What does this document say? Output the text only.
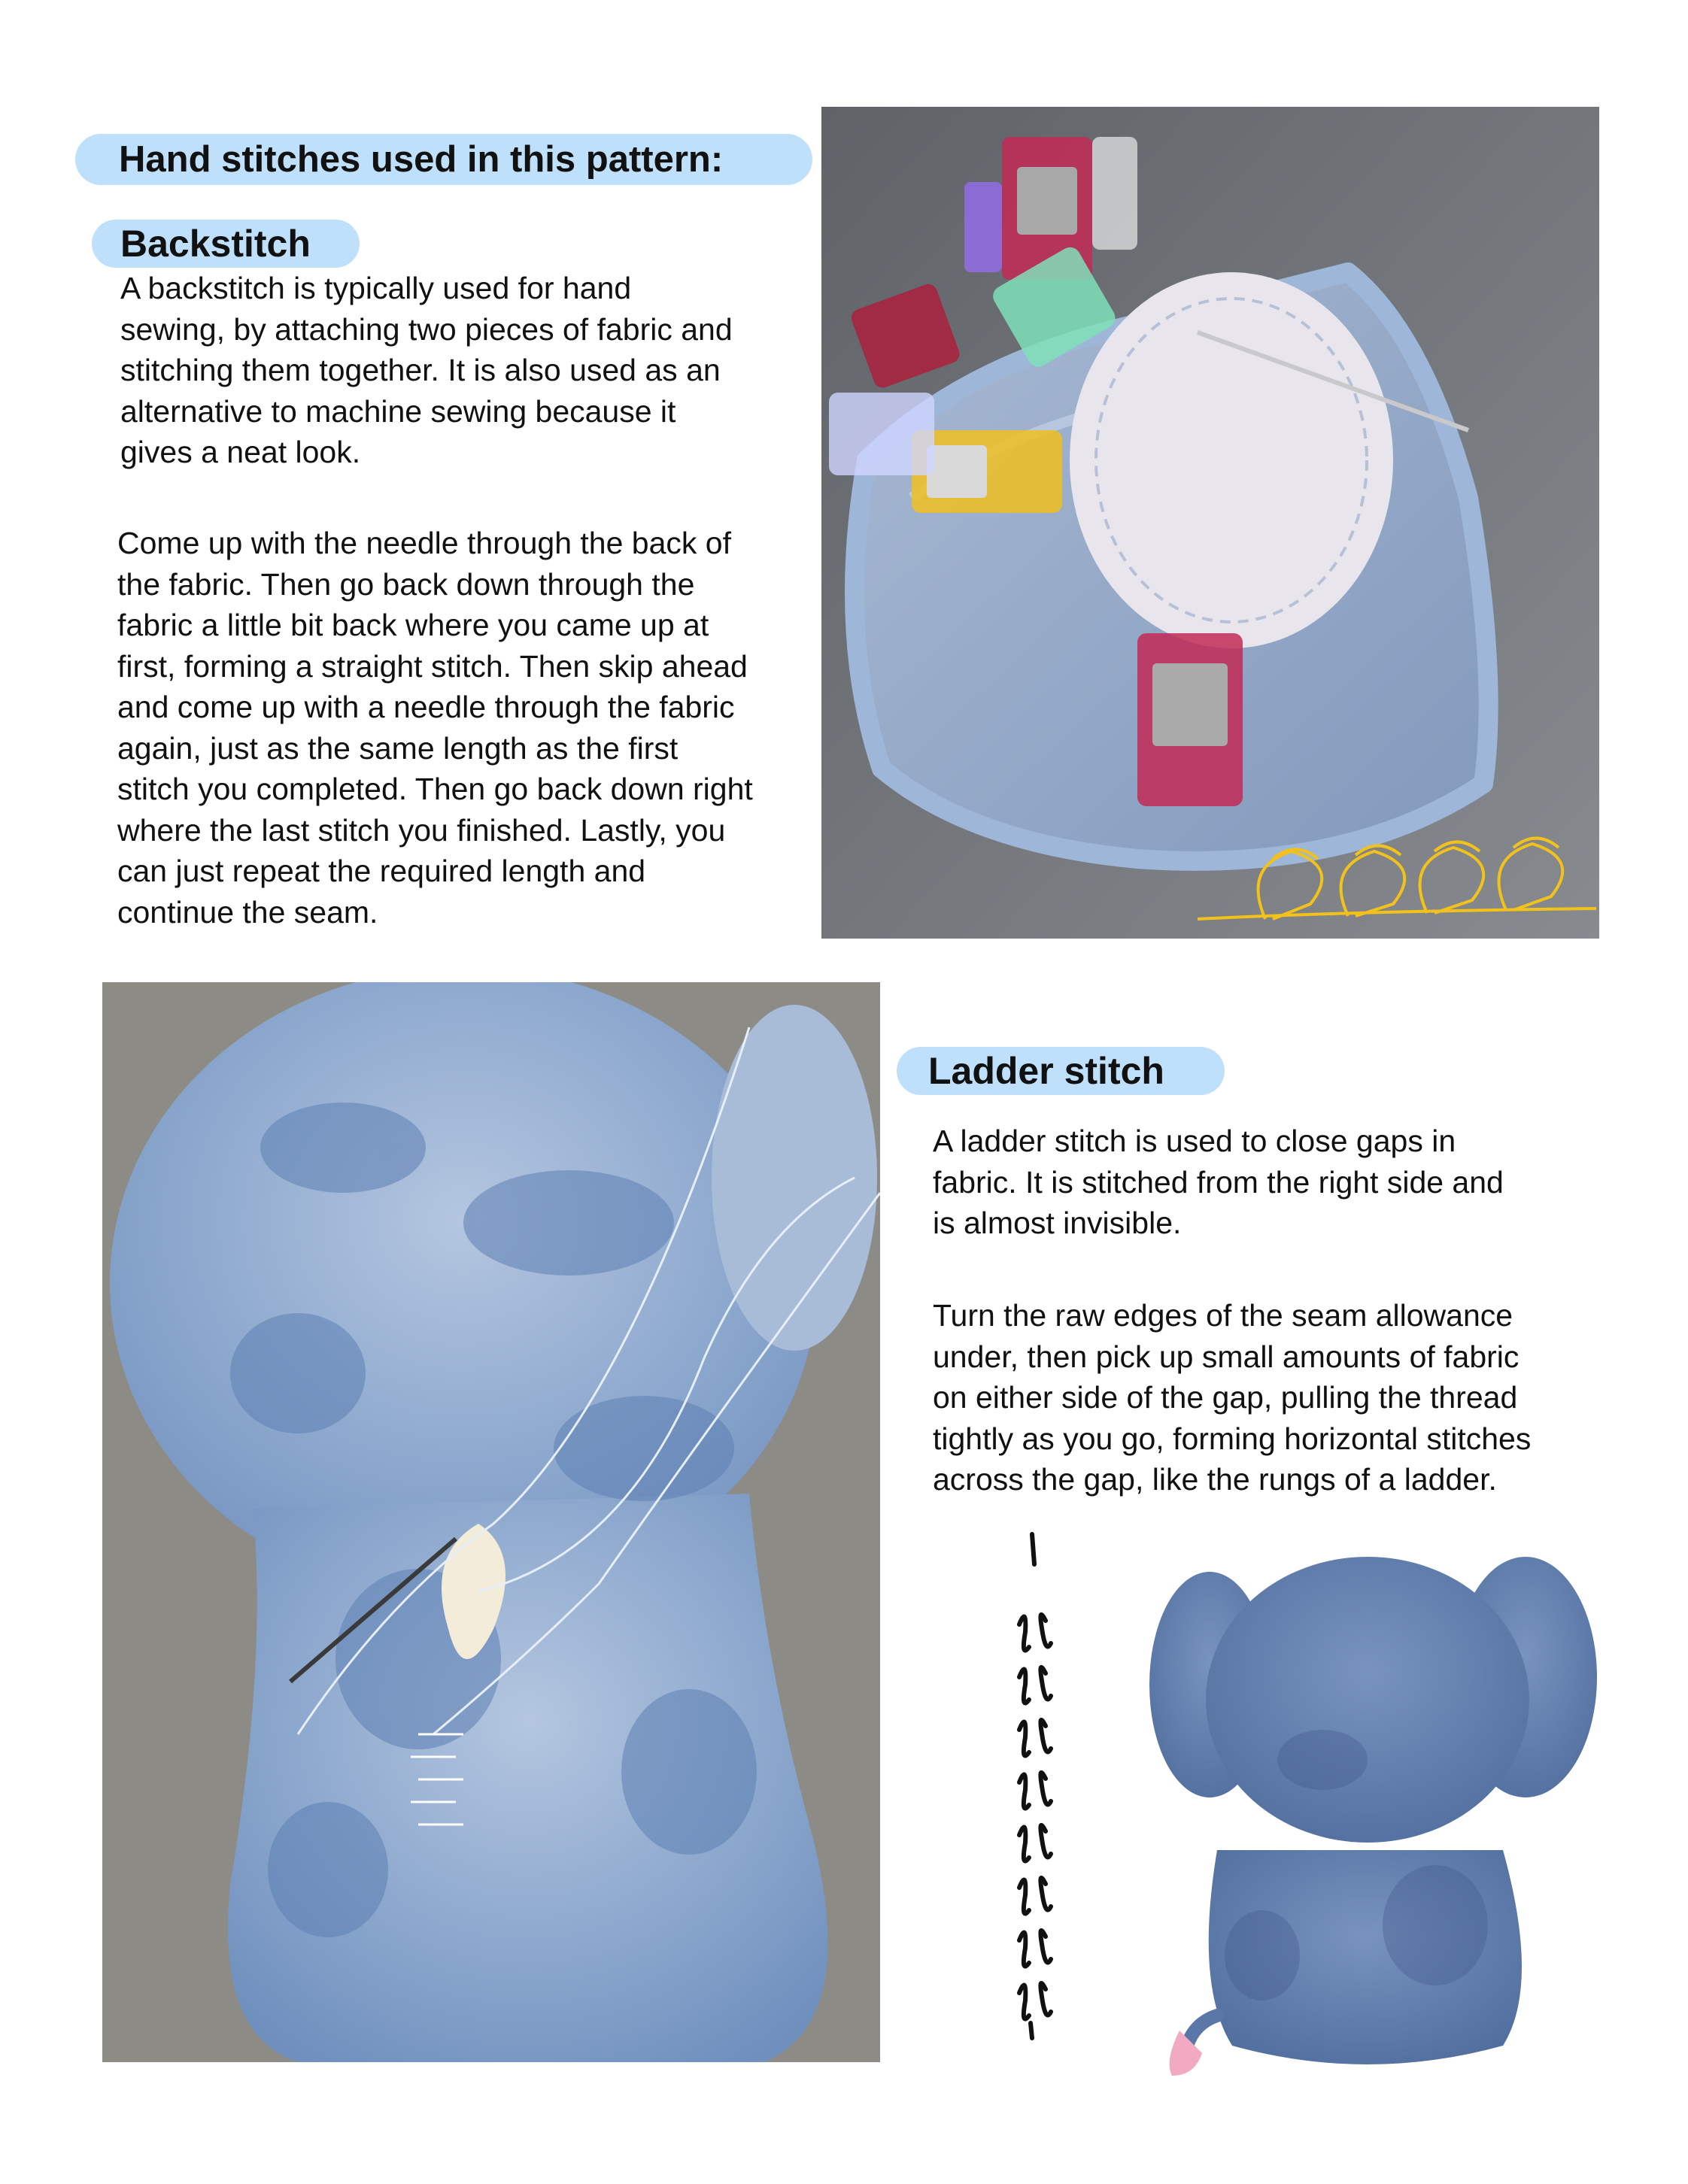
Hand stitches used in this pattern:
Backstitch

A backstitch is typically used for hand
sewing, by attaching two pieces of fabric and
stitching them together. It is also used as an
alternative to machine sewing because it
gives a neat look.

Come up with the needle through the back of
the fabric. Then go back down through the
fabric a little bit back where you came up at
first, forming a straight stitch. Then skip ahead
and come up with a needle through the fabric
again, just as the same length as the first
stitch you completed. Then go back down right
where the last stitch you finished. Lastly, you
can just repeat the required length and
continue the seam.

Ladder stitch

A ladder stitch is used to close gaps in
fabric. It is stitched from the right side and
is almost invisible.

Turn the raw edges of the seam allowance
under, then pick up small amounts of fabric
on either side of the gap, pulling the thread
tightly as you go, forming horizontal stitches
across the gap, like the rungs of a ladder.
